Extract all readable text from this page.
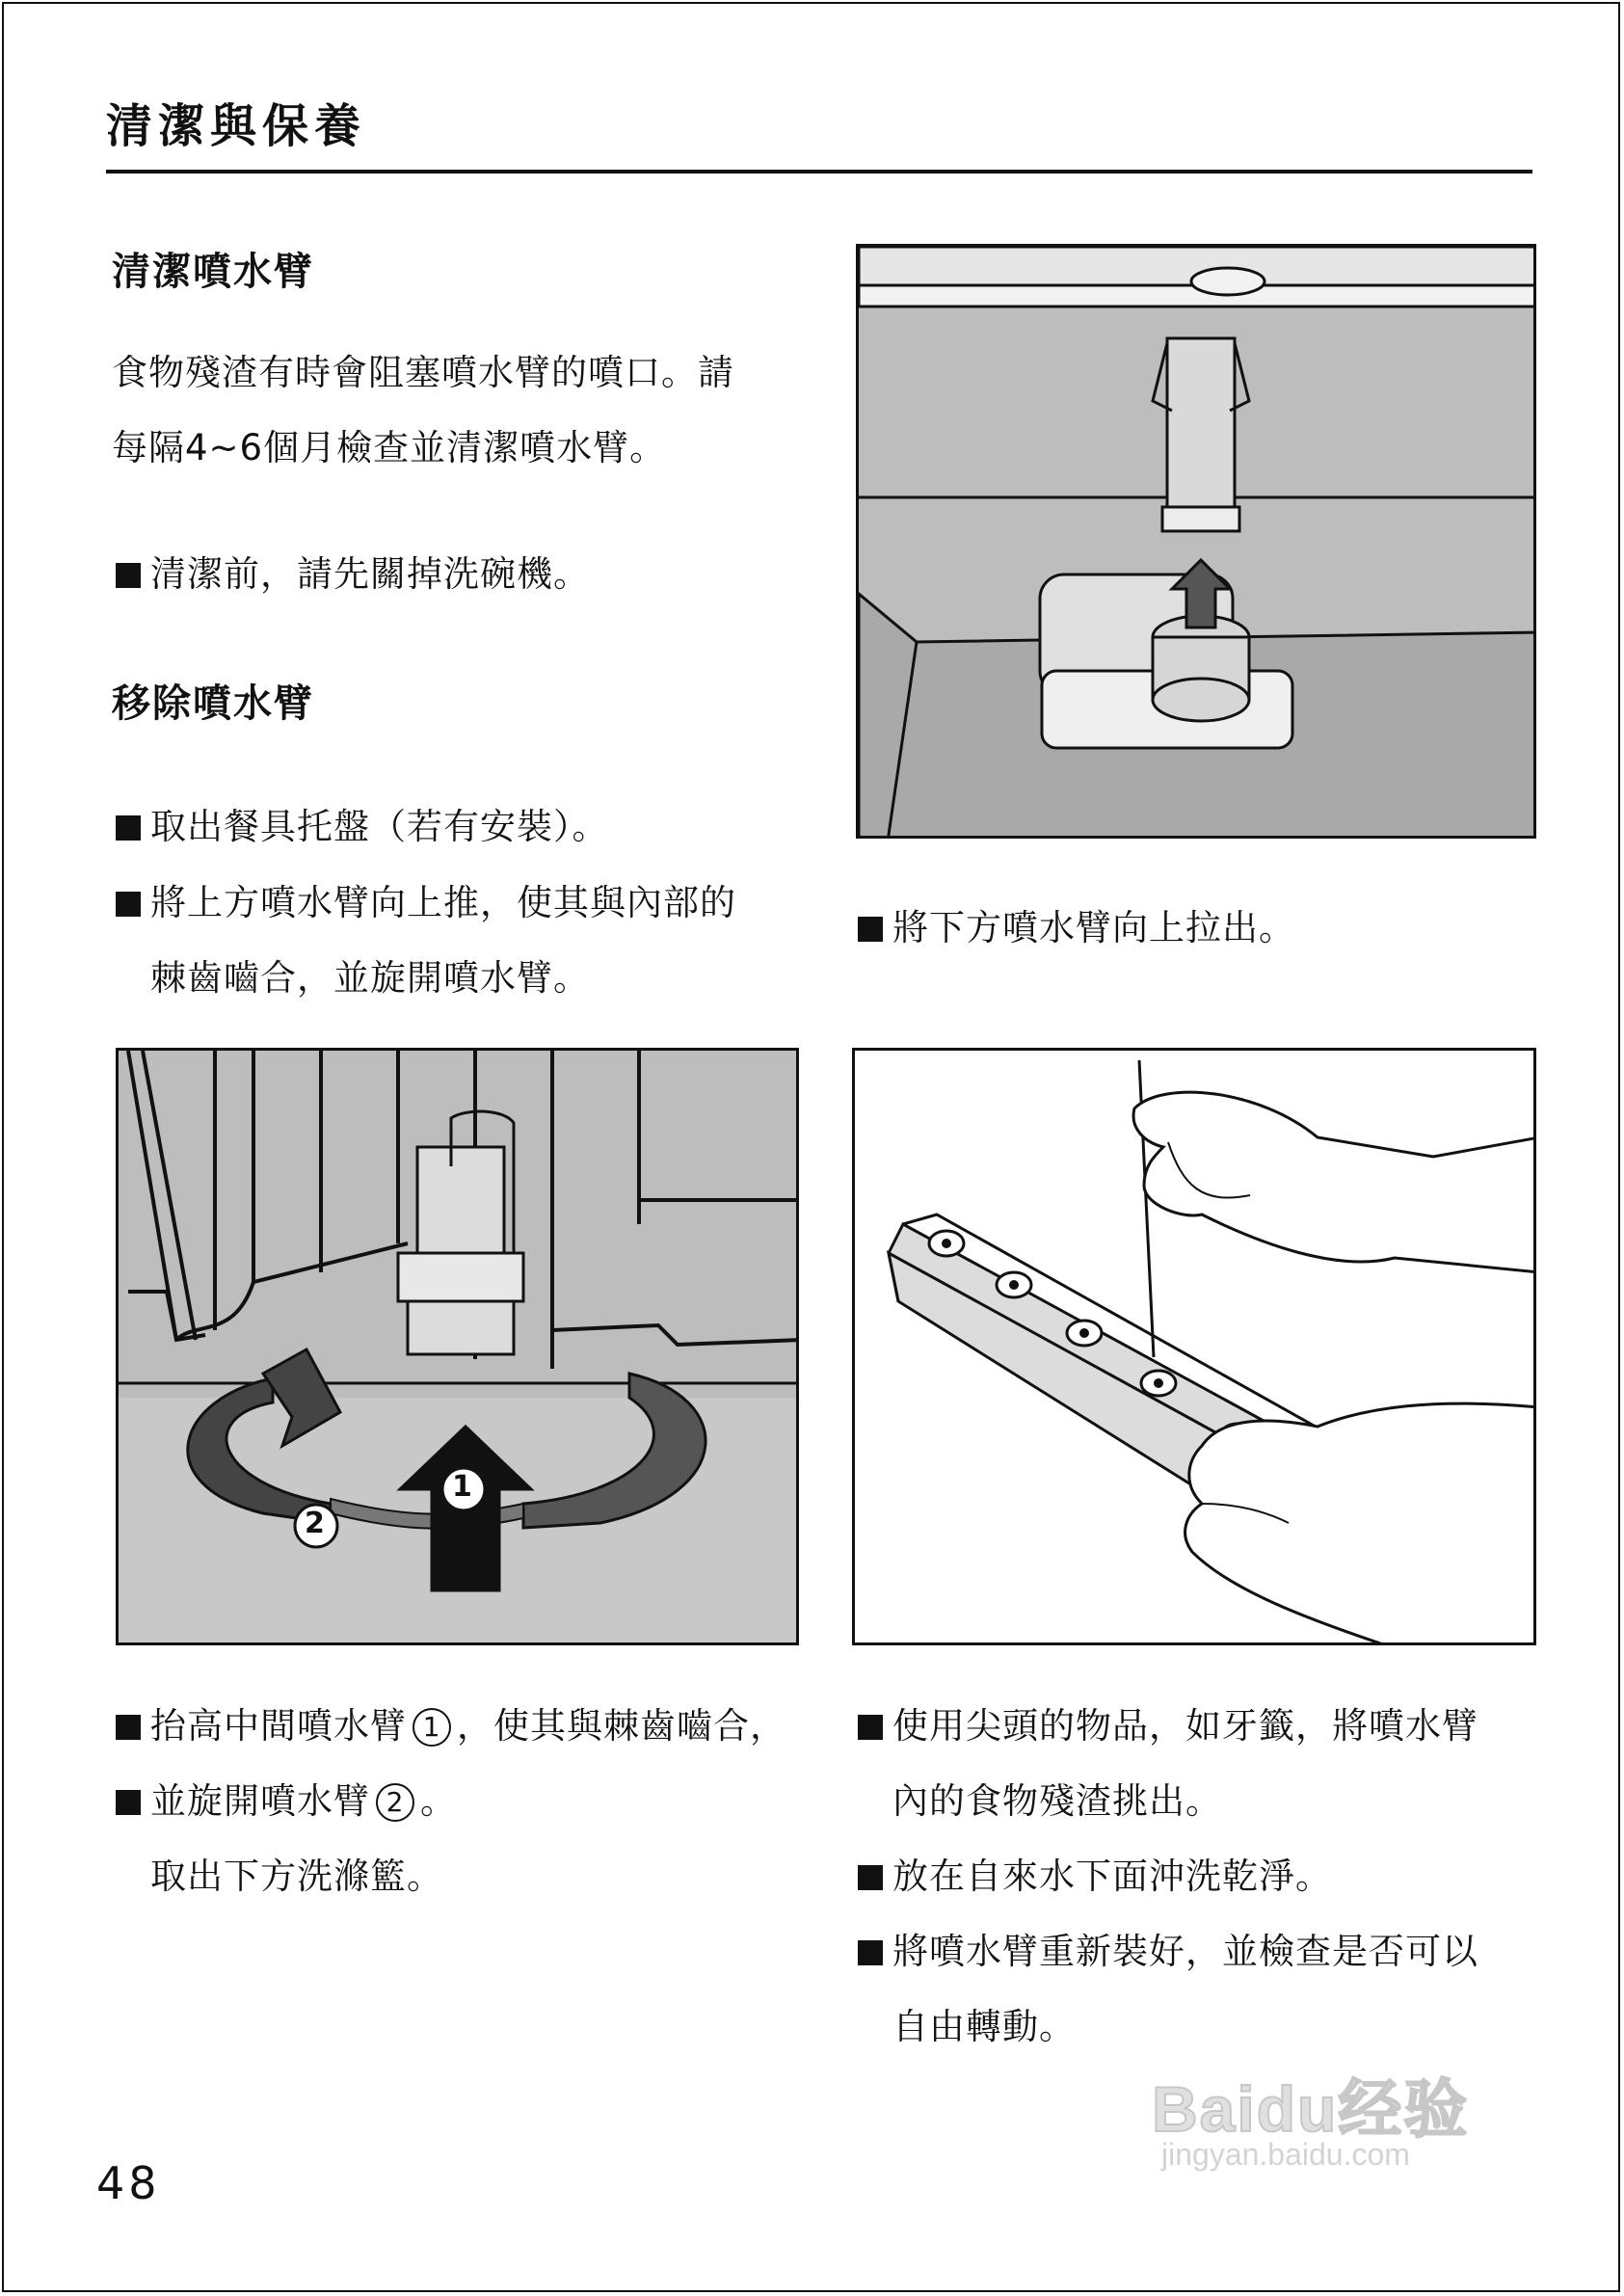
清潔與保養
清潔噴水臂
食物殘渣有時會阻塞噴水臂的噴口。請
每隔4~6個月檢查並清潔噴水臂。
清潔前，請先關掉洗碗機。
移除噴水臂
取出餐具托盤（若有安裝）。
將上方噴水臂向上推，使其與內部的
棘齒嚙合，並旋開噴水臂。
將下方噴水臂向上拉出。
1
2
抬高中間噴水臂 1 ，使其與棘齒嚙合，
並旋開噴水臂 2 。
取出下方洗滌籃。
使用尖頭的物品，如牙籤，將噴水臂
內的食物殘渣挑出。
放在自來水下面沖洗乾淨。
將噴水臂重新裝好，並檢查是否可以
自由轉動。
48
Baidu经验
jingyan.baidu.com
